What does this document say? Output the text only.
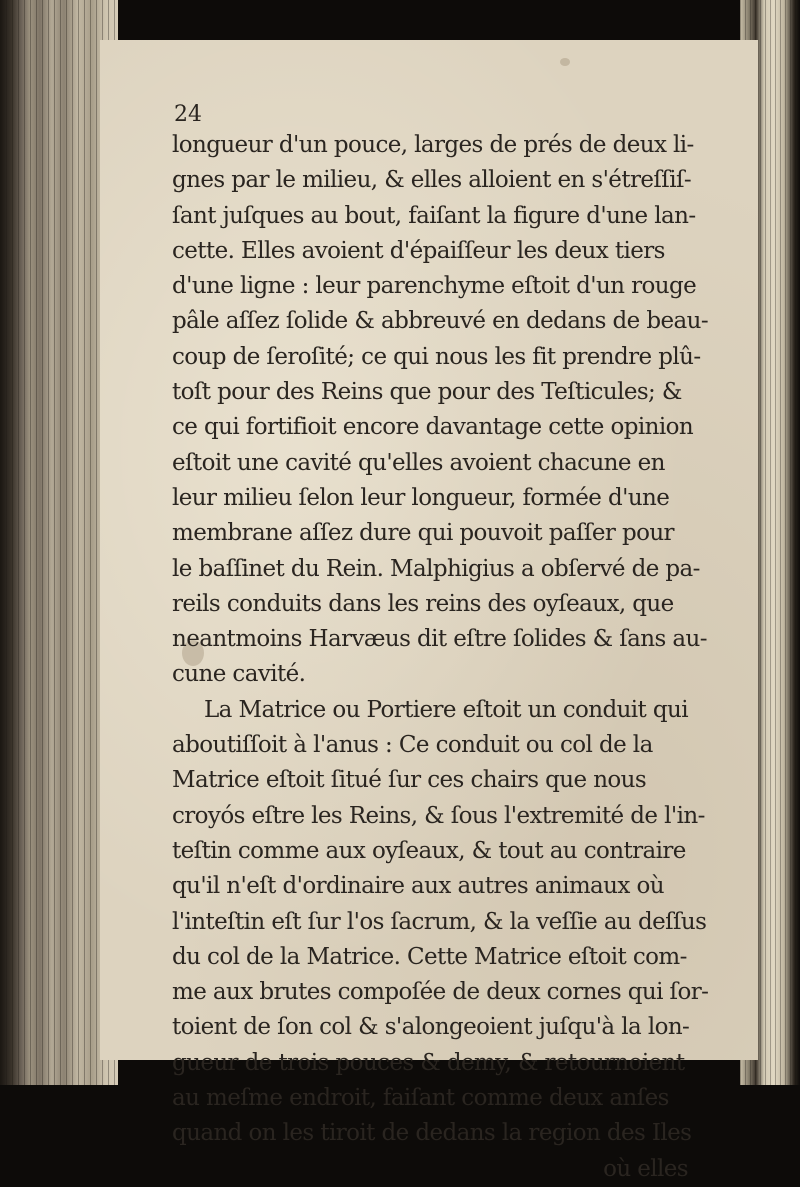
24

longueur d'un pouce, larges de prés de deux li-
gnes par le milieu, & elles alloient en s'étreſſiſ-
ſant juſques au bout, faiſant la figure d'une lan-
cette. Elles avoient d'épaiſſeur les deux tiers
d'une ligne : leur parenchyme eſtoit d'un rouge
pâle aſſez ſolide & abbreuvé en dedans de beau-
coup de ſeroſité; ce qui nous les fit prendre plû-
toſt pour des Reins que pour des Teſticules; &
ce qui fortifioit encore davantage cette opinion
eſtoit une cavité qu'elles avoient chacune en
leur milieu ſelon leur longueur, formée d'une
membrane aſſez dure qui pouvoit paſſer pour
le baſſinet du Rein. Malphigius a obſervé de pa-
reils conduits dans les reins des oyſeaux, que
neantmoins Harvæus dit eſtre ſolides & ſans au-
cune cavité.
La Matrice ou Portiere eſtoit un conduit qui
aboutiſſoit à l'anus : Ce conduit ou col de la
Matrice eſtoit ſitué ſur ces chairs que nous
croyós eſtre les Reins, & ſous l'extremité de l'in-
teſtin comme aux oyſeaux, & tout au contraire
qu'il n'eſt d'ordinaire aux autres animaux où
l'inteſtin eſt ſur l'os ſacrum, & la veſſie au deſſus
du col de la Matrice. Cette Matrice eſtoit com-
me aux brutes compoſée de deux cornes qui ſor-
toient de ſon col & s'alongeoient juſqu'à la lon-
gueur de trois pouces & demy, & retournoient
au meſme endroit, faiſant comme deux anſes
quand on les tiroit de dedans la region des Iles
où elles
